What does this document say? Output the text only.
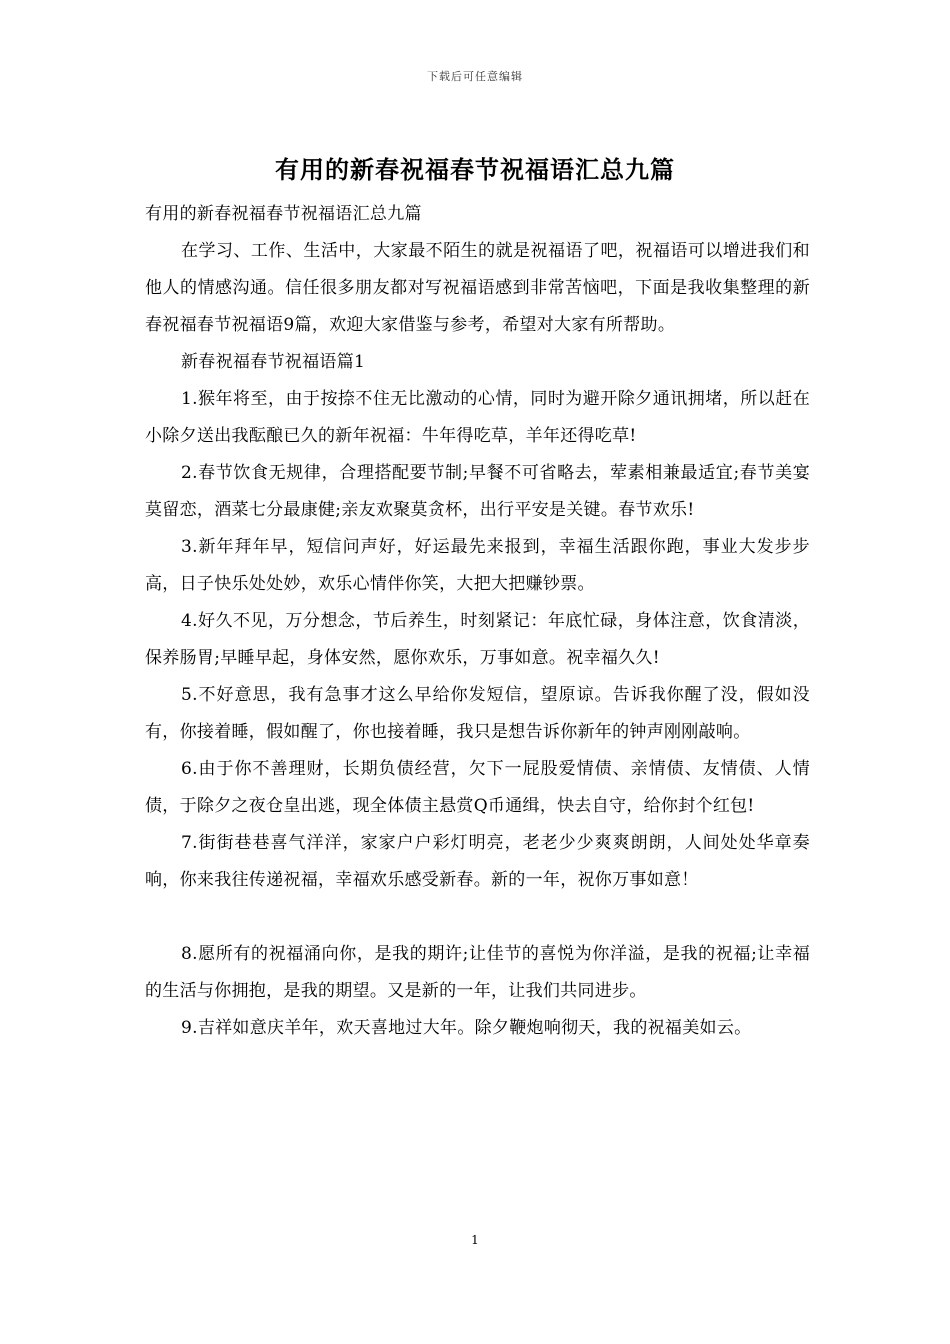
下载后可任意编辑
有用的新春祝福春节祝福语汇总九篇

有用的新春祝福春节祝福语汇总九篇

在学习、工作、生活中，大家最不陌生的就是祝福语了吧，祝福语可以增进我们和他人的情感沟通。信任很多朋友都对写祝福语感到非常苦恼吧，下面是我收集整理的新春祝福春节祝福语9篇，欢迎大家借鉴与参考，希望对大家有所帮助。

新春祝福春节祝福语篇1

1.猴年将至，由于按捺不住无比激动的心情，同时为避开除夕通讯拥堵，所以赶在小除夕送出我酝酿已久的新年祝福：牛年得吃草，羊年还得吃草!

2.春节饮食无规律，合理搭配要节制;早餐不可省略去，荤素相兼最适宜;春节美宴莫留恋，酒菜七分最康健;亲友欢聚莫贪杯，出行平安是关键。春节欢乐!

3.新年拜年早，短信问声好，好运最先来报到，幸福生活跟你跑，事业大发步步高，日子快乐处处妙，欢乐心情伴你笑，大把大把赚钞票。

4.好久不见，万分想念，节后养生，时刻紧记：年底忙碌，身体注意，饮食清淡，保养肠胃;早睡早起，身体安然，愿你欢乐，万事如意。祝幸福久久!

5.不好意思，我有急事才这么早给你发短信，望原谅。告诉我你醒了没，假如没有，你接着睡，假如醒了，你也接着睡，我只是想告诉你新年的钟声刚刚敲响。

6.由于你不善理财，长期负债经营，欠下一屁股爱情债、亲情债、友情债、人情债，于除夕之夜仓皇出逃，现全体债主悬赏Q币通缉，快去自守，给你封个红包!

7.街街巷巷喜气洋洋，家家户户彩灯明亮，老老少少爽爽朗朗，人间处处华章奏响，你来我往传递祝福，幸福欢乐感受新春。新的一年，祝你万事如意！

8.愿所有的祝福涌向你，是我的期许;让佳节的喜悦为你洋溢，是我的祝福;让幸福的生活与你拥抱，是我的期望。又是新的一年，让我们共同进步。

9.吉祥如意庆羊年，欢天喜地过大年。除夕鞭炮响彻天，我的祝福美如云。

1
